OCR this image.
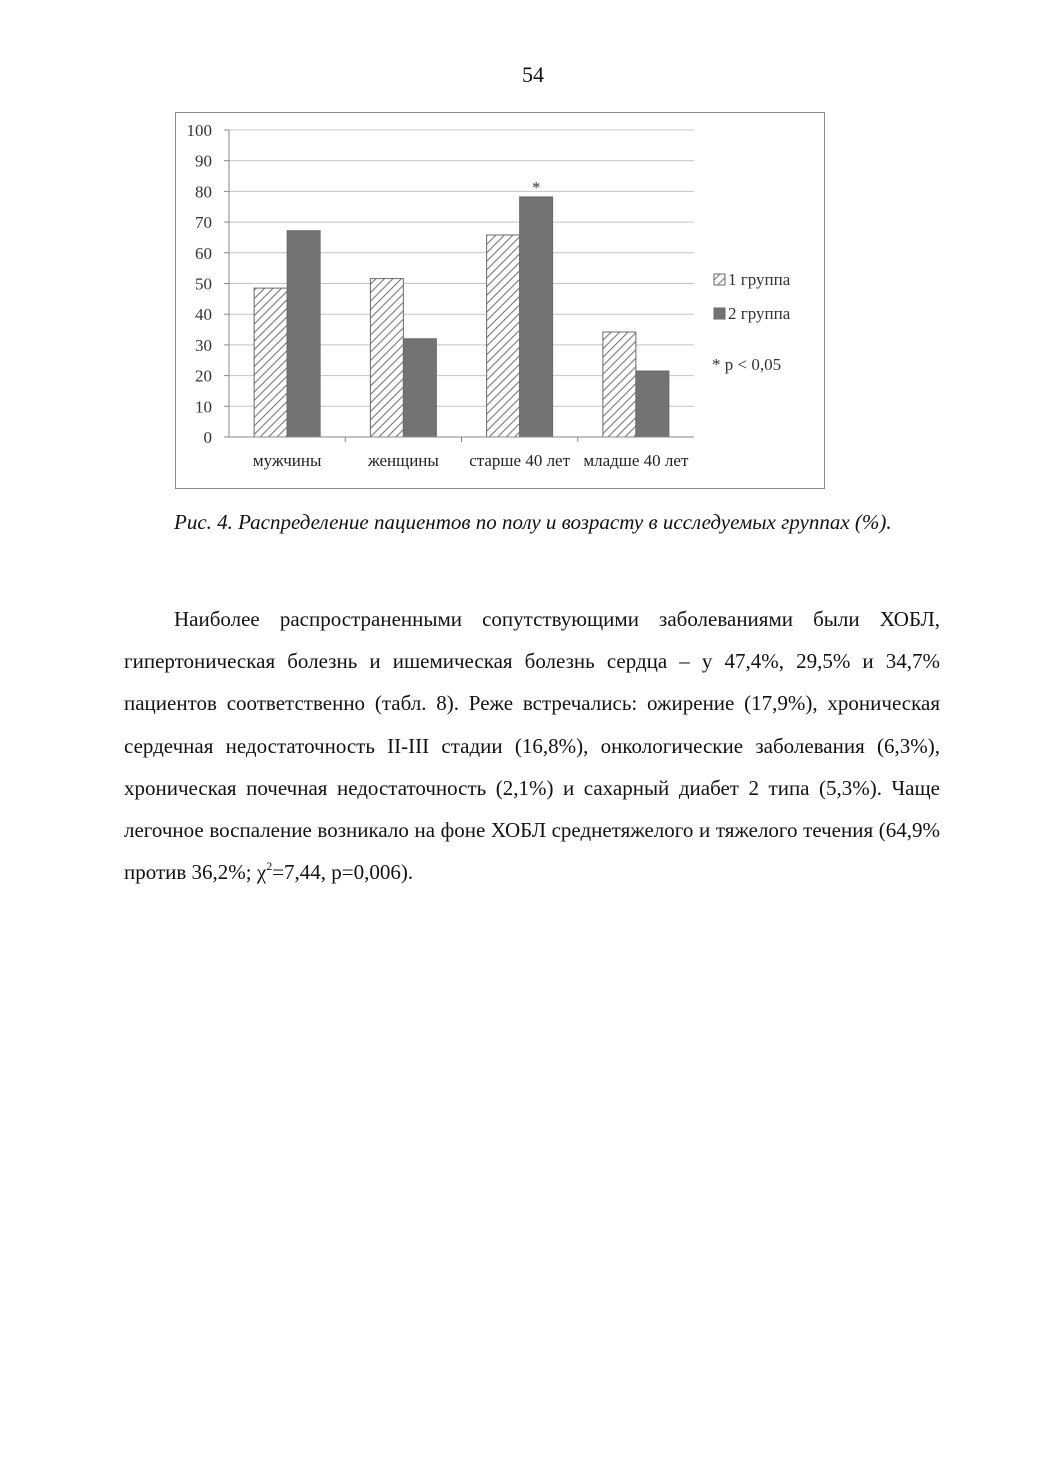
54
0
10
20
30
40
50
60
70
80
90
100
мужчины	женщины старше 40 лет младше 40 лет
*
1 группа
2 группа
* p < 0,05
Рис. 4. Распределение пациентов по полу и возрасту в исследуемых группах (%).
Наиболее распространенными сопутствующими заболеваниями были ХОБЛ, гипертоническая болезнь и ишемическая болезнь сердца – у 47,4%, 29,5% и 34,7% пациентов соответственно (табл. 8). Реже встречались: ожирение (17,9%), хроническая сердечная недостаточность II-III стадии (16,8%), онкологические заболевания (6,3%), хроническая почечная недостаточность (2,1%) и сахарный диабет 2 типа (5,3%). Чаще легочное воспаление возникало на фоне ХОБЛ среднетяжелого и тяжелого течения (64,9% против 36,2%; $\chi^2=7,44$, p=0,006).
